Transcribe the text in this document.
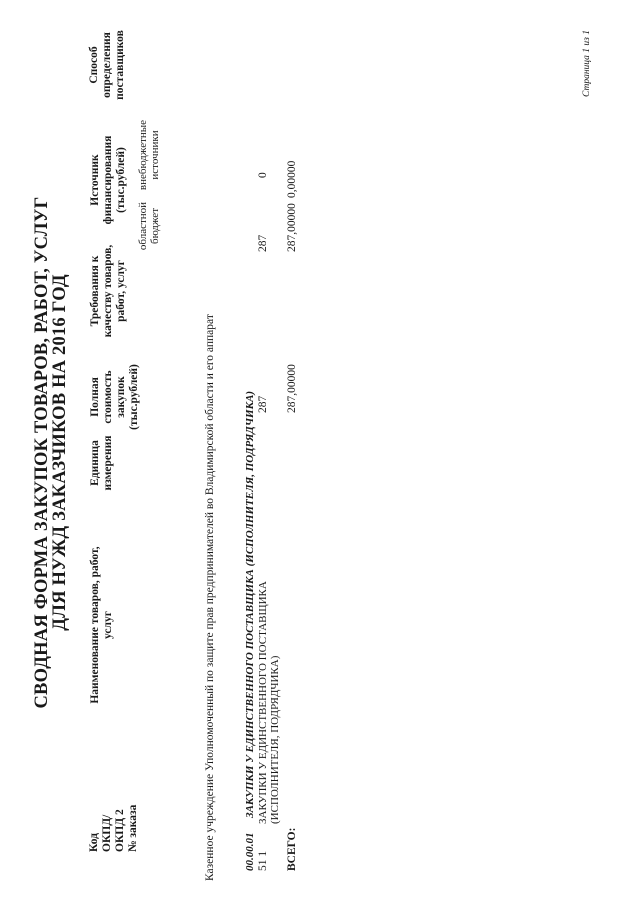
СВОДНАЯ ФОРМА ЗАКУПОК ТОВАРОВ, РАБОТ, УСЛУГ
ДЛЯ НУЖД ЗАКАЗЧИКОВ НА 2016 ГОД
Код ОКПД/ ОКПД 2 № заказа
Наименование товаров, работ, услуг
Единица измерения
Полная стоимость закупок (тыс.рублей)
Требования к качеству товаров, работ, услуг
Источник финансирования (тыс.рублей)
областной бюджет
внебюджетные источники
Способ определения поставщиков
Казенное учреждение Уполномоченный по защите прав предпринимателей во Владимирской области и его аппарат	00.00.01
ЗАКУПКИ У ЕДИНСТВЕННОГО ПОСТАВЩИКА (ИСПОЛНИТЕЛЯ, ПОДРЯДЧИКА)
51 1
ЗАКУПКИ У ЕДИНСТВЕННОГО ПОСТАВЩИКА (ИСПОЛНИТЕЛЯ, ПОДРЯДЧИКА)
287
287
0
ВСЕГО:
287,00000
287,00000
0,00000
Страница 1 из 1
